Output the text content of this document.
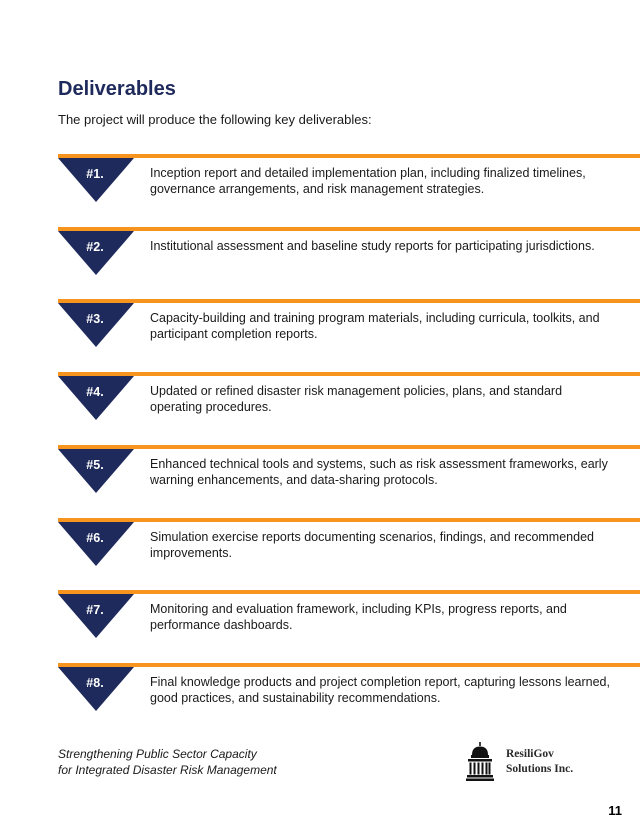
Deliverables
The project will produce the following key deliverables:
#1.	Inception report and detailed implementation plan, including finalized timelines, governance arrangements, and risk management strategies.
#2.	Institutional assessment and baseline study reports for participating jurisdictions.
#3.	Capacity-building and training program materials, including curricula, toolkits, and participant completion reports.
#4.	Updated or refined disaster risk management policies, plans, and standard operating procedures.
#5.	Enhanced technical tools and systems, such as risk assessment frameworks, early warning enhancements, and data-sharing protocols.
#6.	Simulation exercise reports documenting scenarios, findings, and recommended improvements.
#7.	Monitoring and evaluation framework, including KPIs, progress reports, and performance dashboards.
#8.	Final knowledge products and project completion report, capturing lessons learned, good practices, and sustainability recommendations.
Strengthening Public Sector Capacity
for Integrated Disaster Risk Management
ResiliGov
Solutions Inc.
11
